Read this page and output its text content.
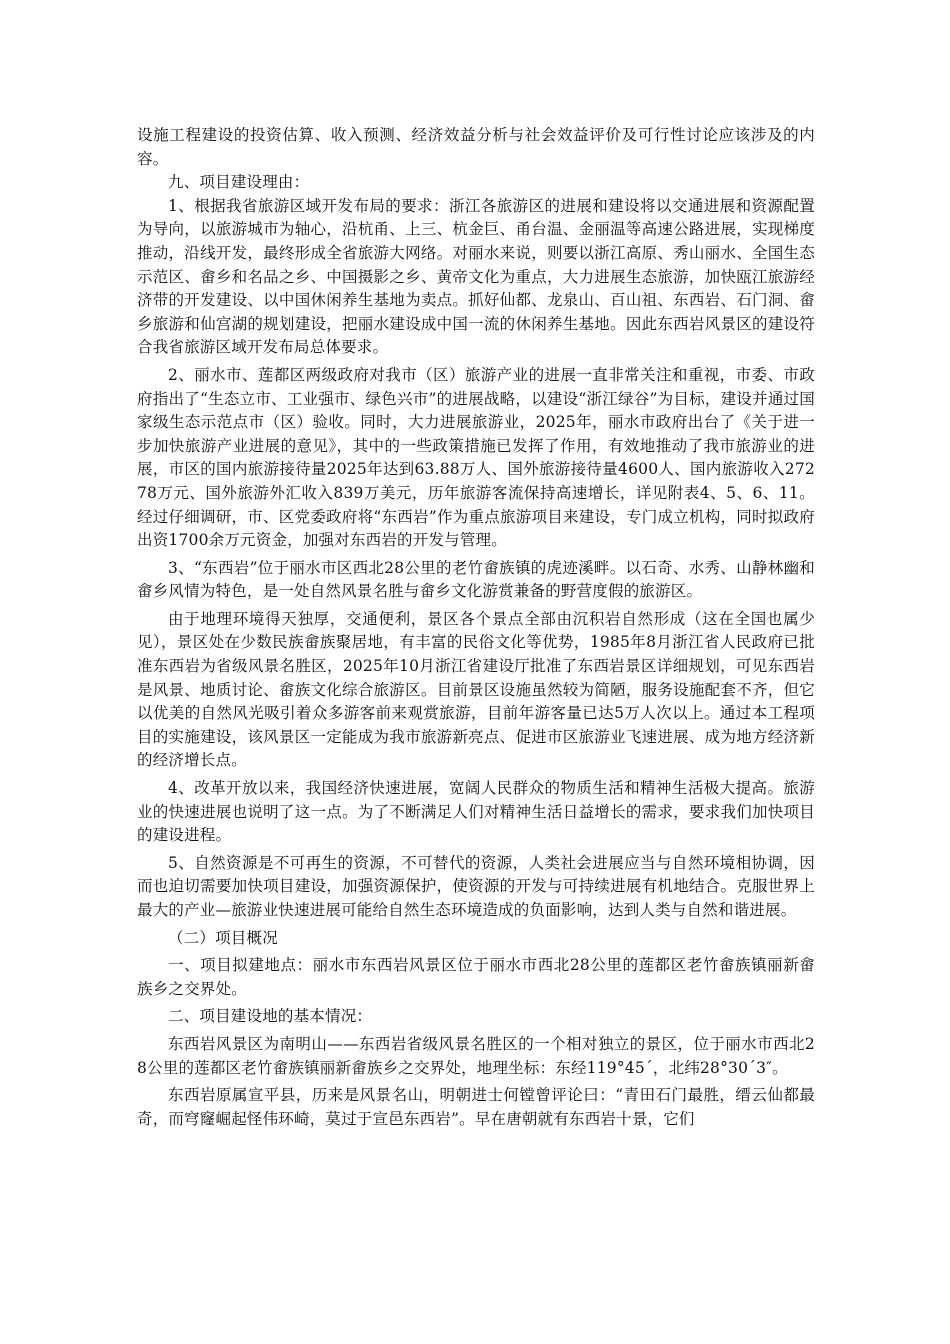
设施工程建设的投资估算、收入预测、经济效益分析与社会效益评价及可行性讨论应该涉及的内容。

九、项目建设理由：

1、根据我省旅游区域开发布局的要求：浙江各旅游区的进展和建设将以交通进展和资源配置为导向，以旅游城市为轴心，沿杭甬、上三、杭金巨、甬台温、金丽温等高速公路进展，实现梯度推动，沿线开发，最终形成全省旅游大网络。对丽水来说，则要以浙江高原、秀山丽水、全国生态示范区、畲乡和名品之乡、中国摄影之乡、黄帝文化为重点，大力进展生态旅游，加快瓯江旅游经济带的开发建设、以中国休闲养生基地为卖点。抓好仙都、龙泉山、百山祖、东西岩、石门洞、畲乡旅游和仙宫湖的规划建设，把丽水建设成中国一流的休闲养生基地。因此东西岩风景区的建设符合我省旅游区域开发布局总体要求。

2、丽水市、莲都区两级政府对我市（区）旅游产业的进展一直非常关注和重视，市委、市政府指出了“生态立市、工业强市、绿色兴市”的进展战略，以建设“浙江绿谷”为目标，建设并通过国家级生态示范点市（区）验收。同时，大力进展旅游业，2025年，丽水市政府出台了《关于进一步加快旅游产业进展的意见》，其中的一些政策措施已发挥了作用，有效地推动了我市旅游业的进展，市区的国内旅游接待量2025年达到63.88万人、国外旅游接待量4600人、国内旅游收入27278万元、国外旅游外汇收入839万美元，历年旅游客流保持高速增长，详见附表4、5、6、11。经过仔细调研，市、区党委政府将“东西岩”作为重点旅游项目来建设，专门成立机构，同时拟政府出资1700余万元资金，加强对东西岩的开发与管理。

3、“东西岩”位于丽水市区西北28公里的老竹畲族镇的虎迹溪畔。以石奇、水秀、山静林幽和畲乡风情为特色，是一处自然风景名胜与畲乡文化游赏兼备的野营度假的旅游区。

由于地理环境得天独厚，交通便利，景区各个景点全部由沉积岩自然形成（这在全国也属少见），景区处在少数民族畲族聚居地，有丰富的民俗文化等优势，1985年8月浙江省人民政府已批准东西岩为省级风景名胜区，2025年10月浙江省建设厅批准了东西岩景区详细规划，可见东西岩是风景、地质讨论、畲族文化综合旅游区。目前景区设施虽然较为简陋，服务设施配套不齐，但它以优美的自然风光吸引着众多游客前来观赏旅游，目前年游客量已达5万人次以上。通过本工程项目的实施建设，该风景区一定能成为我市旅游新亮点、促进市区旅游业飞速进展、成为地方经济新的经济增长点。

4、改革开放以来，我国经济快速进展，宽阔人民群众的物质生活和精神生活极大提高。旅游业的快速进展也说明了这一点。为了不断满足人们对精神生活日益增长的需求，要求我们加快项目的建设进程。

5、自然资源是不可再生的资源，不可替代的资源，人类社会进展应当与自然环境相协调，因而也迫切需要加快项目建设，加强资源保护，使资源的开发与可持续进展有机地结合。克服世界上最大的产业—旅游业快速进展可能给自然生态环境造成的负面影响，达到人类与自然和谐进展。

（二）项目概况

一、项目拟建地点：丽水市东西岩风景区位于丽水市西北28公里的莲都区老竹畲族镇丽新畲族乡之交界处。

二、项目建设地的基本情况：

东西岩风景区为南明山——东西岩省级风景名胜区的一个相对独立的景区，位于丽水市西北28公里的莲都区老竹畲族镇丽新畲族乡之交界处，地理坐标：东经119°45´，北纬28°30´3″。

东西岩原属宣平县，历来是风景名山，明朝进士何镗曾评论曰：“青田石门最胜，缙云仙都最奇，而穹窿崛起怪伟环崎，莫过于宣邑东西岩”。早在唐朝就有东西岩十景，它们
